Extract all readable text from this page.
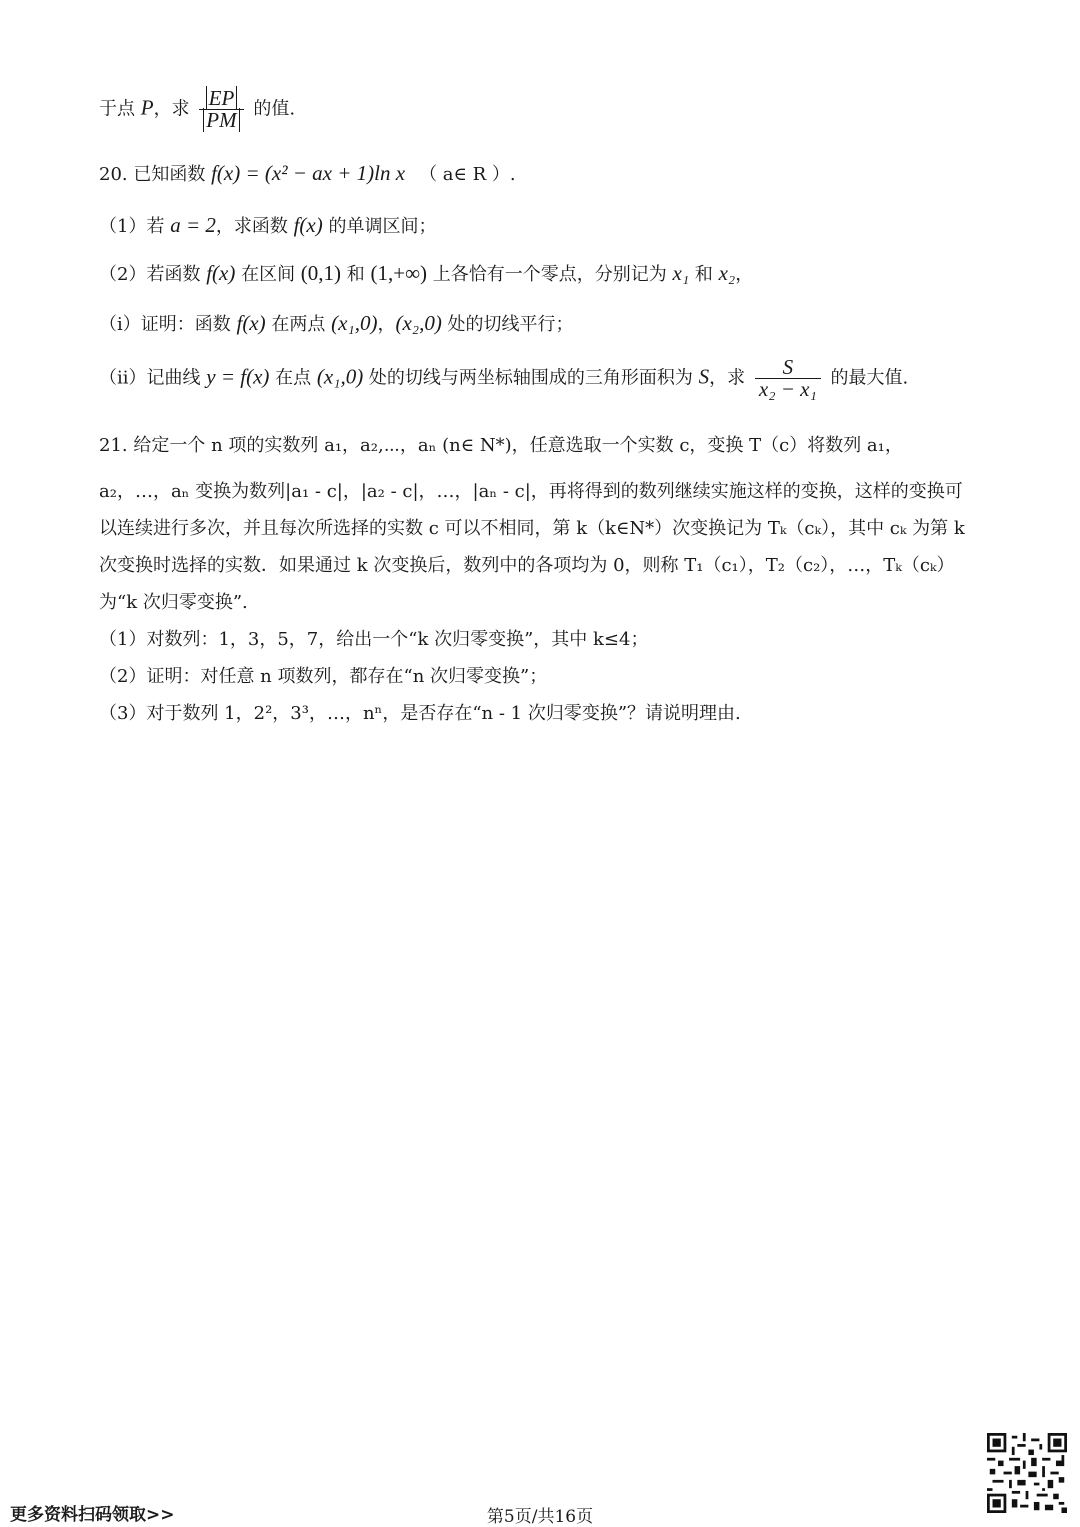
于点 P，求 $\frac{EP}{PM}$ 的值.
20. 已知函数 f(x) = (x² − ax + 1)ln x （ a∈ R ）.
（1）若 a = 2，求函数 f(x) 的单调区间；
（2）若函数 f(x) 在区间 (0,1) 和 (1,+∞) 上各恰有一个零点，分别记为 x₁ 和 x₂，
（i）证明：函数 f(x) 在两点 (x₁,0)，(x₂,0) 处的切线平行；
（ii）记曲线 y = f(x) 在点 (x₁,0) 处的切线与两坐标轴围成的三角形面积为 S，求 $\frac{S}{\text{x₂ − x₁}}$ 的最大值.
21. 给定一个 n 项的实数列 a₁，a₂,⋯，aₙ (n∈ N*)，任意选取一个实数 c，变换 T（c）将数列 a₁，
a₂，…，aₙ 变换为数列|a₁ - c|，|a₂ - c|，…，|aₙ - c|，再将得到的数列继续实施这样的变换，这样的变换可
以连续进行多次，并且每次所选择的实数 c 可以不相同，第 k（k∈N*）次变换记为 Tₖ（cₖ），其中 cₖ 为第 k
次变换时选择的实数．如果通过 k 次变换后，数列中的各项均为 0，则称 T₁（c₁），T₂（c₂），…，Tₖ（cₖ）
为“k 次归零变换”.
（1）对数列：1，3，5，7，给出一个“k 次归零变换”，其中 k≤4；
（2）证明：对任意 n 项数列，都存在“n 次归零变换”；
（3）对于数列 1，2²，3³，…，nⁿ，是否存在“n - 1 次归零变换”？请说明理由.
更多资料扫码领取>>	第5页/共16页
